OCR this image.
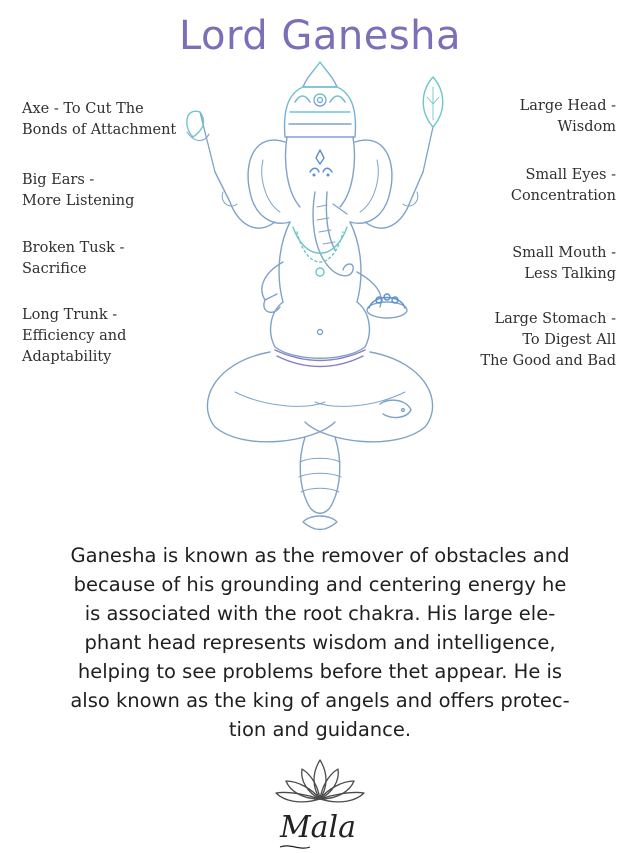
Lord Ganesha
Axe - To Cut The
Bonds of Attachment
Big Ears -
More Listening
Broken Tusk -
Sacrifice
Long Trunk -
Efficiency and
Adaptability
Large Head -
Wisdom
Small Eyes -
Concentration
Small Mouth -
Less Talking
Large Stomach -
To Digest All
The Good and Bad
Ganesha is known as the remover of obstacles and
because of his grounding and centering energy he
is associated with the root chakra. His large ele-
phant head represents wisdom and intelligence,
helping to see problems before thet appear. He is
also known as the king of angels and offers protec-
tion and guidance.
Mala
